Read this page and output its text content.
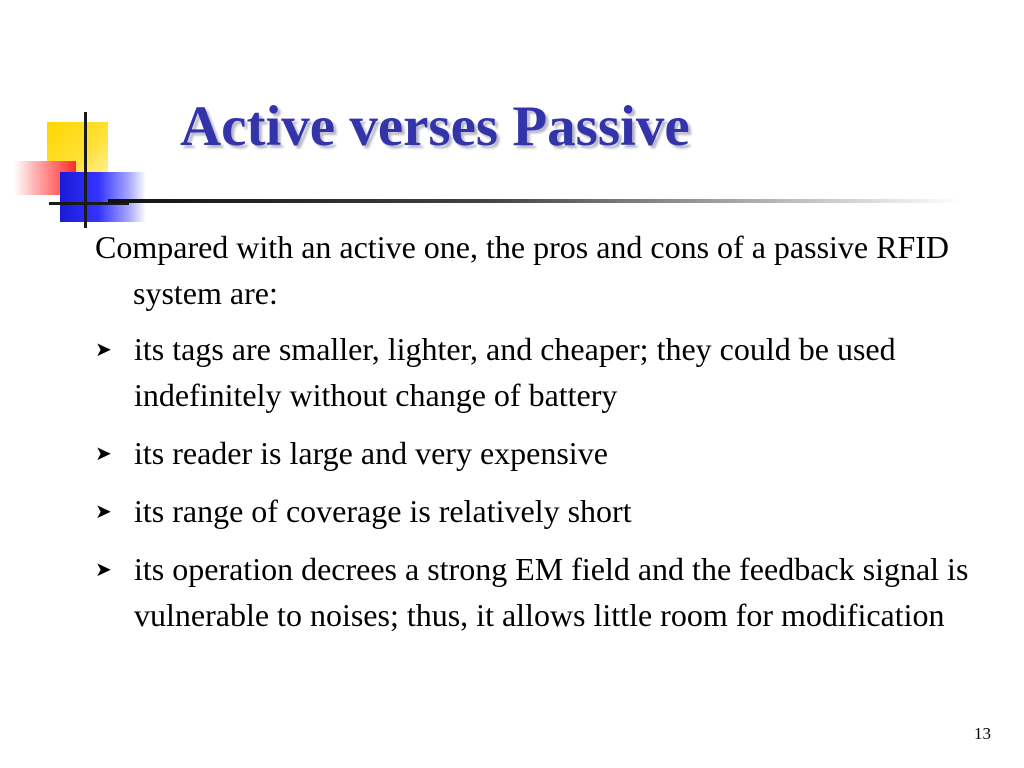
Active verses Passive

Compared with an active one, the pros and cons of a passive RFID system are:

➤ its tags are smaller, lighter, and cheaper; they could be used indefinitely without change of battery
➤ its reader is large and very expensive
➤ its range of coverage is relatively short
➤ its operation decrees a strong EM field and the feedback signal is vulnerable to noises; thus, it allows little room for modification
13
